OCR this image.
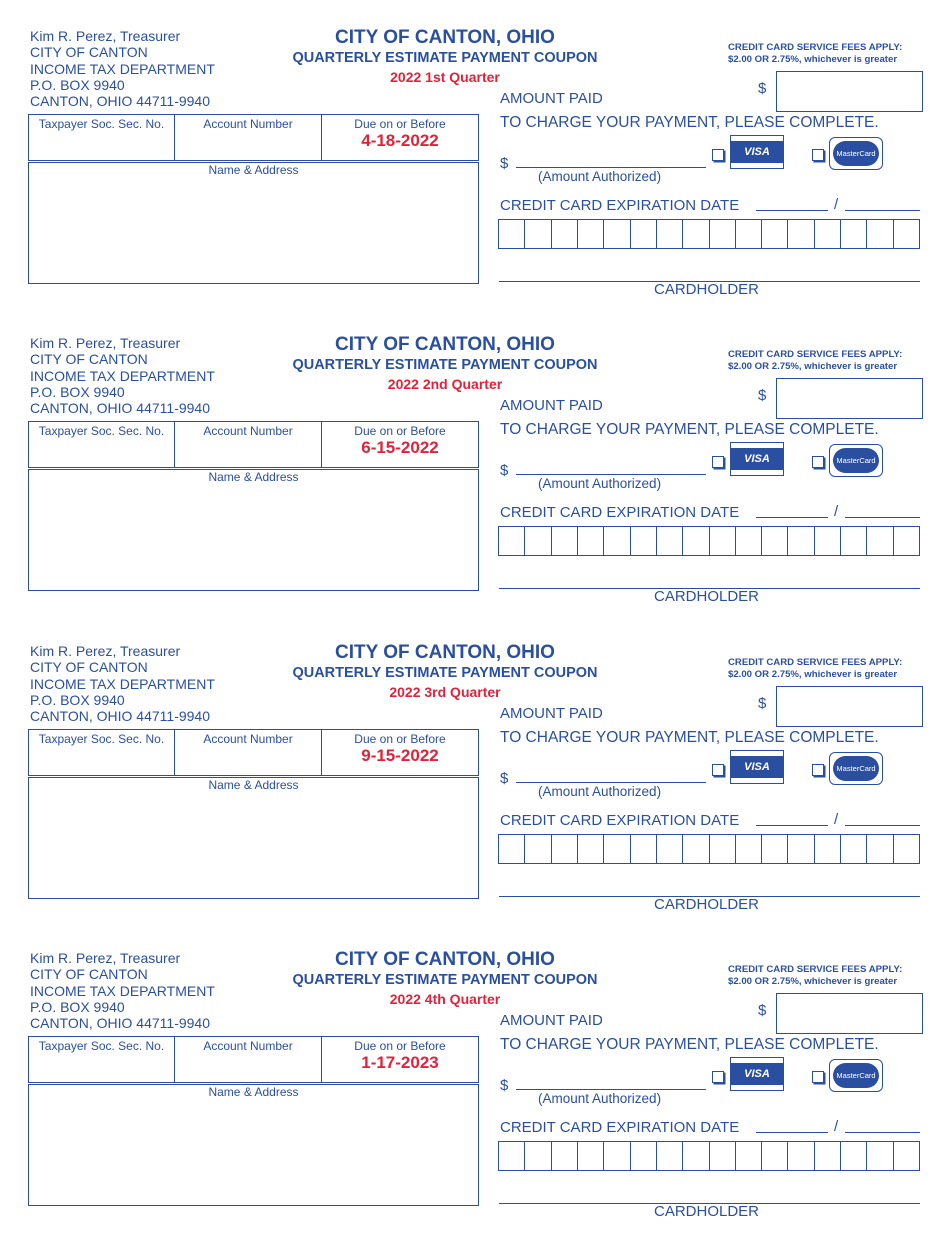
Kim R. Perez, Treasurer
CITY OF CANTON
INCOME TAX DEPARTMENT
P.O. BOX 9940
CANTON, OHIO 44711-9940
CITY OF CANTON, OHIO
QUARTERLY ESTIMATE PAYMENT COUPON
2022 1st Quarter
CREDIT CARD SERVICE FEES APPLY:
$2.00 OR 2.75%, whichever is greater
AMOUNT PAID
$
TO CHARGE YOUR PAYMENT, PLEASE COMPLETE.
Taxpayer Soc. Sec. No.	Account Number	Due on or Before
4-18-2022
Name & Address	$
(Amount Authorized)
VISA	MasterCard
CREDIT CARD EXPIRATION DATE	/
CARDHOLDER
Kim R. Perez, Treasurer
CITY OF CANTON
INCOME TAX DEPARTMENT
P.O. BOX 9940
CANTON, OHIO 44711-9940
CITY OF CANTON, OHIO
QUARTERLY ESTIMATE PAYMENT COUPON
2022 2nd Quarter
CREDIT CARD SERVICE FEES APPLY:
$2.00 OR 2.75%, whichever is greater
AMOUNT PAID
$
TO CHARGE YOUR PAYMENT, PLEASE COMPLETE.
Taxpayer Soc. Sec. No.	Account Number	Due on or Before
6-15-2022
Name & Address	$
(Amount Authorized)
VISA	MasterCard
CREDIT CARD EXPIRATION DATE	/
CARDHOLDER
Kim R. Perez, Treasurer
CITY OF CANTON
INCOME TAX DEPARTMENT
P.O. BOX 9940
CANTON, OHIO 44711-9940
CITY OF CANTON, OHIO
QUARTERLY ESTIMATE PAYMENT COUPON
2022 3rd Quarter
CREDIT CARD SERVICE FEES APPLY:
$2.00 OR 2.75%, whichever is greater
AMOUNT PAID
$
TO CHARGE YOUR PAYMENT, PLEASE COMPLETE.
Taxpayer Soc. Sec. No.	Account Number	Due on or Before
9-15-2022
Name & Address	$
(Amount Authorized)
VISA	MasterCard
CREDIT CARD EXPIRATION DATE	/
CARDHOLDER
Kim R. Perez, Treasurer
CITY OF CANTON
INCOME TAX DEPARTMENT
P.O. BOX 9940
CANTON, OHIO 44711-9940
CITY OF CANTON, OHIO
QUARTERLY ESTIMATE PAYMENT COUPON
2022 4th Quarter
CREDIT CARD SERVICE FEES APPLY:
$2.00 OR 2.75%, whichever is greater
AMOUNT PAID
$
TO CHARGE YOUR PAYMENT, PLEASE COMPLETE.
Taxpayer Soc. Sec. No.	Account Number	Due on or Before
1-17-2023
Name & Address	$
(Amount Authorized)
VISA	MasterCard
CREDIT CARD EXPIRATION DATE	/
CARDHOLDER
